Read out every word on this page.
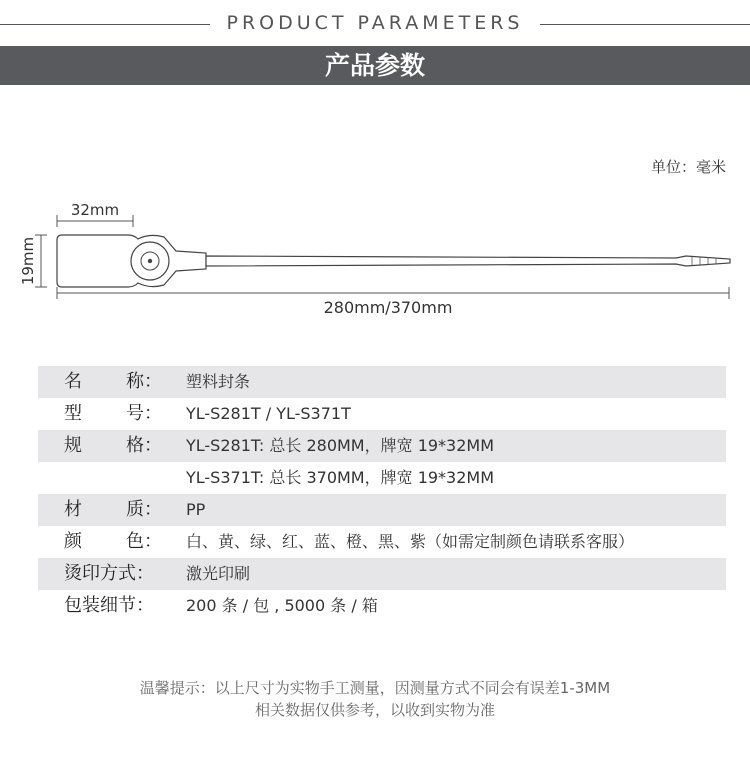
PRODUCT PARAMETERS
产品参数
单位：毫米
32mm
19mm
280mm/370mm
名 称： 塑料封条
型 号： YL-S281T / YL-S371T
规 格： YL-S281T: 总长 280MM，牌宽 19*32MM
YL-S371T: 总长 370MM，牌宽 19*32MM
材 质： PP
颜 色： 白、黄、绿、红、蓝、橙、黑、紫（如需定制颜色请联系客服）
烫印方式：	激光印刷
包装细节：	200 条 / 包 , 5000 条 / 箱
温馨提示：以上尺寸为实物手工测量，因测量方式不同会有误差1-3MM
相关数据仅供参考，以收到实物为准
